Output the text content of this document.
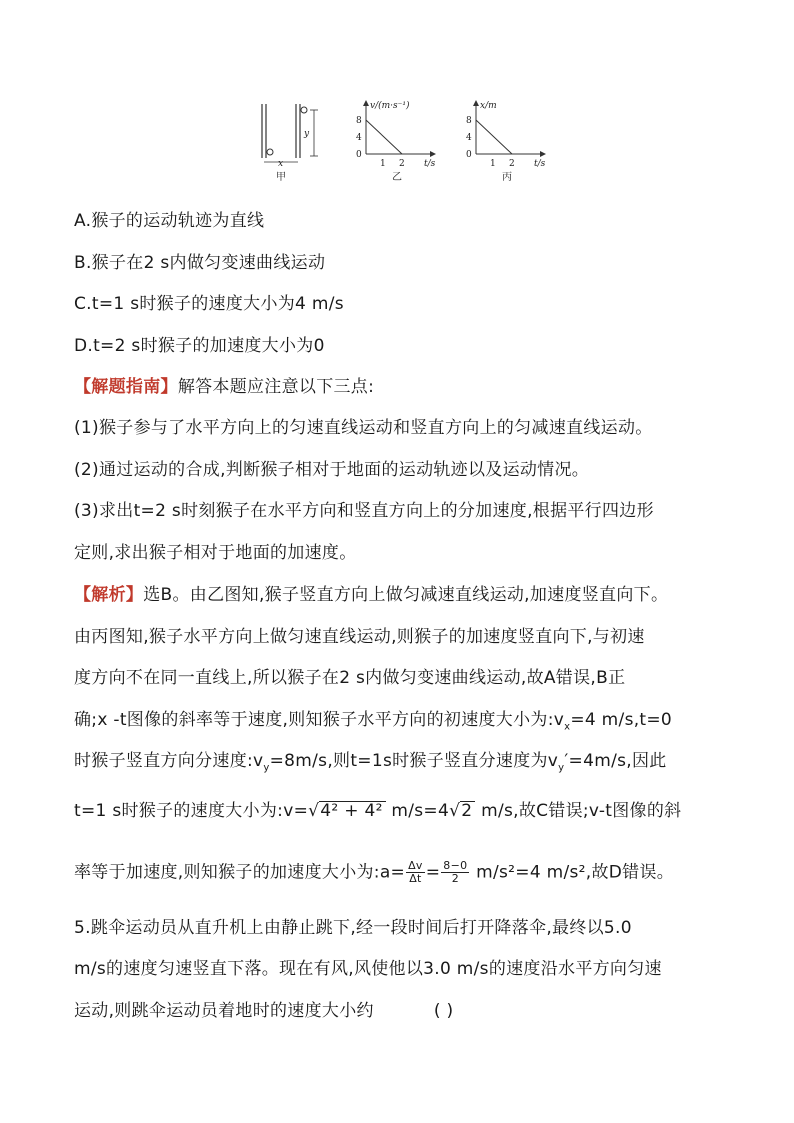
y
x
甲
v/(m·s⁻¹)
8
4
0
1 2 t/s
乙
x/m
8
4
0
1 2 t/s
丙
A.猴子的运动轨迹为直线
B.猴子在2 s内做匀变速曲线运动
C.t=1 s时猴子的速度大小为4 m/s
D.t=2 s时猴子的加速度大小为0
【解题指南】解答本题应注意以下三点:
(1)猴子参与了水平方向上的匀速直线运动和竖直方向上的匀减速直线运动。
(2)通过运动的合成,判断猴子相对于地面的运动轨迹以及运动情况。
(3)求出t=2 s时刻猴子在水平方向和竖直方向上的分加速度,根据平行四边形
定则,求出猴子相对于地面的加速度。
【解析】选B。由乙图知,猴子竖直方向上做匀减速直线运动,加速度竖直向下。
由丙图知,猴子水平方向上做匀速直线运动,则猴子的加速度竖直向下,与初速
度方向不在同一直线上,所以猴子在2 s内做匀变速曲线运动,故A错误,B正
确;x -t图像的斜率等于速度,则知猴子水平方向的初速度大小为$:v_x=4$ m/s,t=0
时猴子竖直方向分速度$:v_y=8m/s$,则t=1s时猴子竖直分速度为$v_y'=4m/s$,因此
t=1 s时猴子的速度大小为:v=√4² + 4² m/s=4√2 m/s,故C错误;v-t图像的斜
率等于加速度,则知猴子的加速度大小为:a= $\frac{\Delta v}{\Delta t} = \frac{8-0}{2} m/s^2=4$ m/s²,故D错误。
5.跳伞运动员从直升机上由静止跳下,经一段时间后打开降落伞,最终以5.0
m/s的速度匀速竖直下落。现在有风,风使他以3.0 m/s的速度沿水平方向匀速
运动,则跳伞运动员着地时的速度大小约	( )
